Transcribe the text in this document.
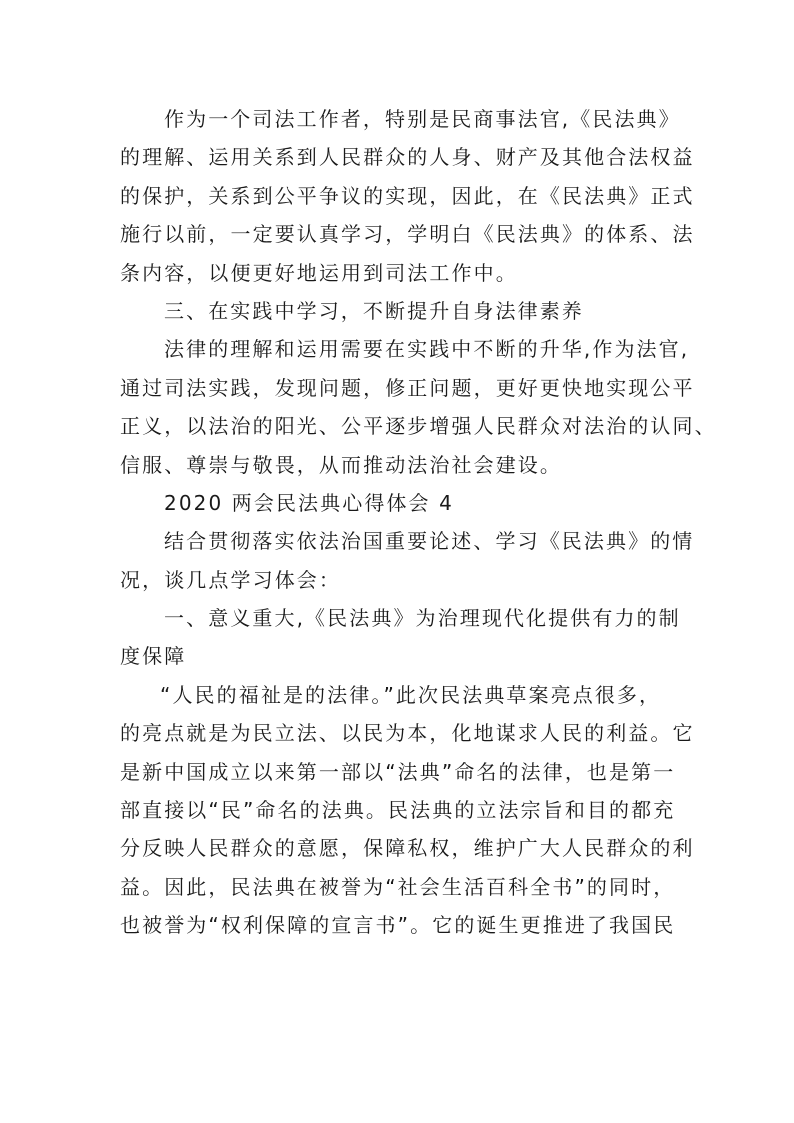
作为一个司法工作者，特别是民商事法官,《民法典》
的理解、运用关系到人民群众的人身、财产及其他合法权益
的保护，关系到公平争议的实现，因此，在《民法典》正式
施行以前，一定要认真学习，学明白《民法典》的体系、法
条内容，以便更好地运用到司法工作中。
三、在实践中学习，不断提升自身法律素养
法律的理解和运用需要在实践中不断的升华,作为法官,
通过司法实践，发现问题，修正问题，更好更快地实现公平
正义，以法治的阳光、公平逐步增强人民群众对法治的认同、
信服、尊崇与敬畏，从而推动法治社会建设。
2020 两会民法典心得体会 4
结合贯彻落实依法治国重要论述、学习《民法典》的情
况，谈几点学习体会：
一、意义重大,《民法典》为治理现代化提供有力的制
度保障
“人民的福祉是的法律。”此次民法典草案亮点很多，
的亮点就是为民立法、以民为本，化地谋求人民的利益。它
是新中国成立以来第一部以“法典”命名的法律，也是第一
部直接以“民”命名的法典。民法典的立法宗旨和目的都充
分反映人民群众的意愿，保障私权，维护广大人民群众的利
益。因此，民法典在被誉为“社会生活百科全书”的同时，
也被誉为“权利保障的宣言书”。它的诞生更推进了我国民
